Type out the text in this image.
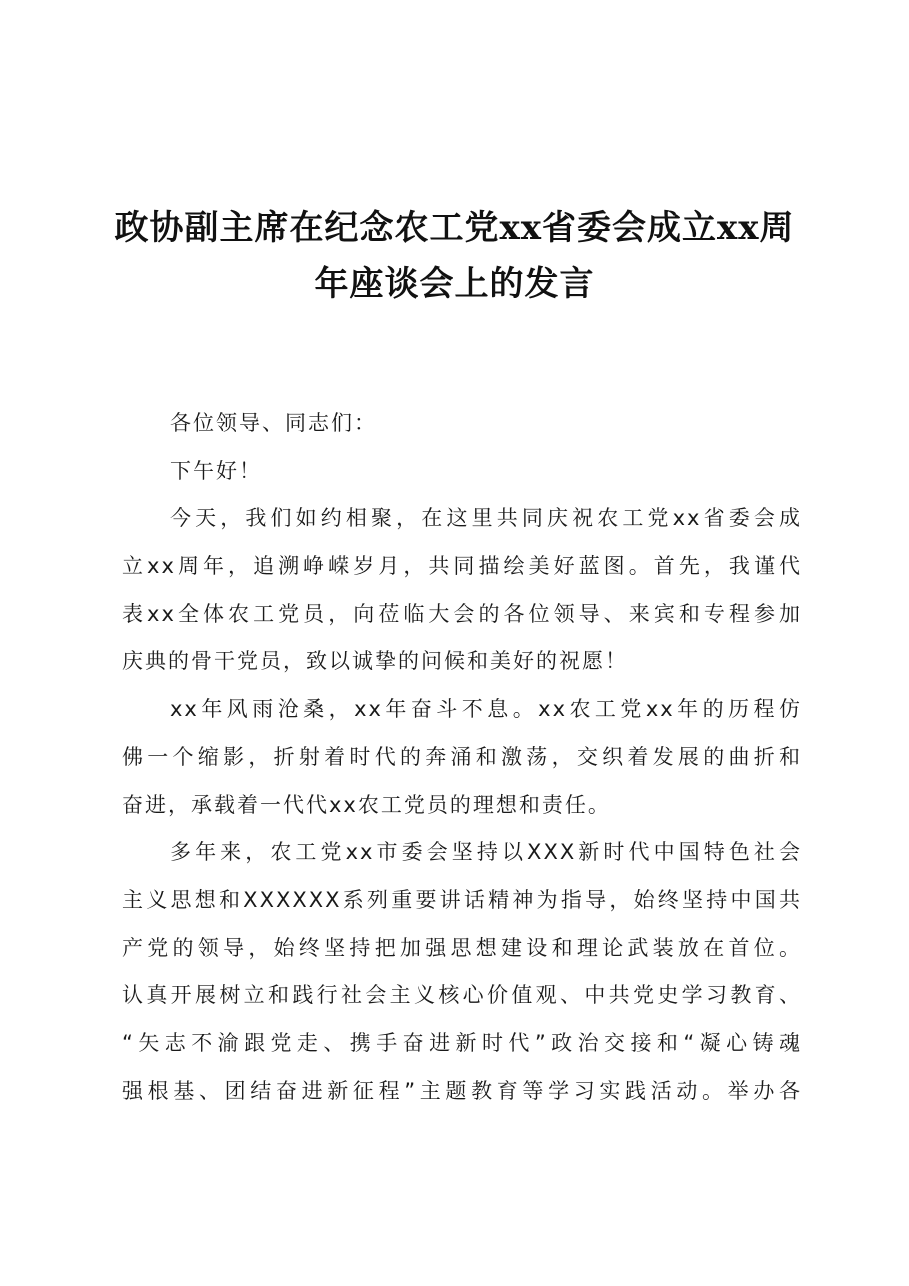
政协副主席在纪念农工党xx省委会成立xx周
年座谈会上的发言
各位领导、同志们：
下午好！
今天，我们如约相聚，在这里共同庆祝农工党xx省委会成
立xx周年，追溯峥嵘岁月，共同描绘美好蓝图。首先，我谨代
表xx全体农工党员，向莅临大会的各位领导、来宾和专程参加
庆典的骨干党员，致以诚挚的问候和美好的祝愿！
xx年风雨沧桑，xx年奋斗不息。xx农工党xx年的历程仿
佛一个缩影，折射着时代的奔涌和激荡，交织着发展的曲折和
奋进，承载着一代代xx农工党员的理想和责任。
多年来，农工党xx市委会坚持以XXX新时代中国特色社会
主义思想和XXXXXX系列重要讲话精神为指导，始终坚持中国共
产党的领导，始终坚持把加强思想建设和理论武装放在首位。
认真开展树立和践行社会主义核心价值观、中共党史学习教育、
“矢志不渝跟党走、携手奋进新时代”政治交接和“凝心铸魂
强根基、团结奋进新征程”主题教育等学习实践活动。举办各
